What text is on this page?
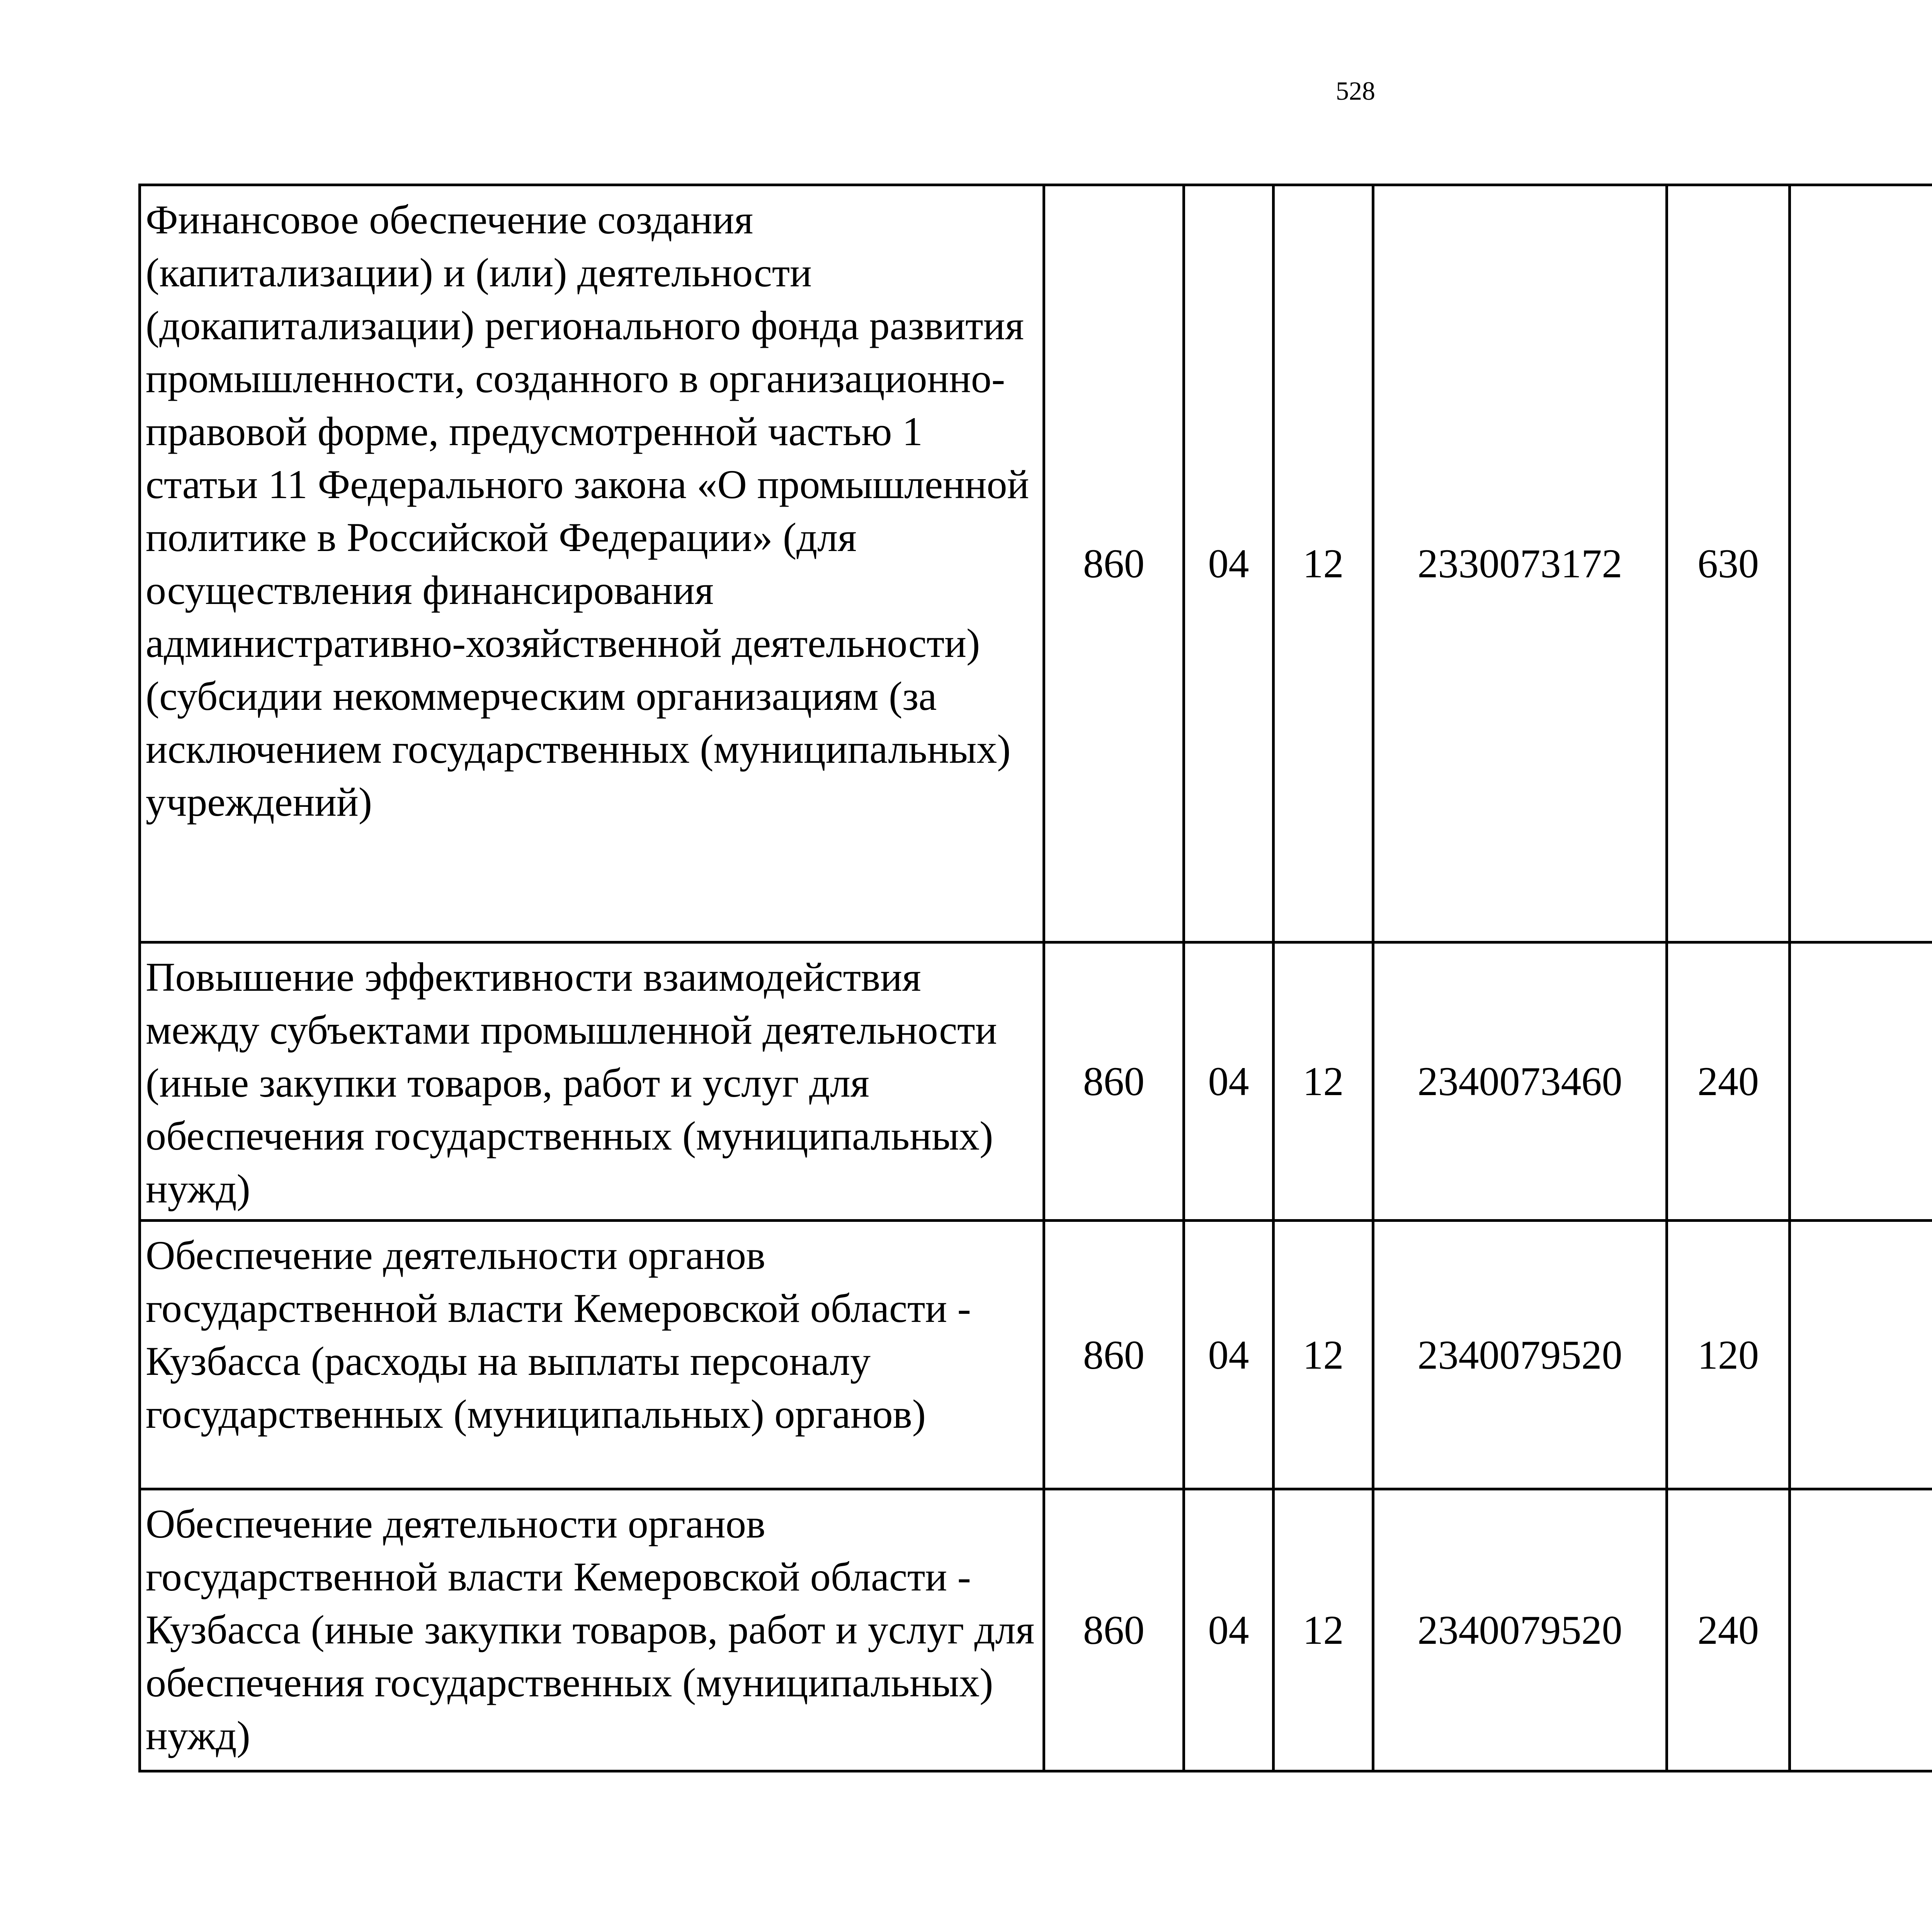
528
Финансовое обеспечение создания (капитализации) и (или) деятельности (докапитализации) регионального фонда развития промышленности, созданного в организационно-правовой форме, предусмотренной частью 1 статьи 11 Федерального закона «О промышленной политике в Российской Федерации» (для осуществления финансирования административно-хозяйственной деятельности) (субсидии некоммерческим организациям (за исключением государственных (муниципальных) учреждений)	860	04	12	2330073172	630			
Повышение эффективности взаимодействия между субъектами промышленной деятельности (иные закупки товаров, работ и услуг для обеспечения государственных (муниципальных) нужд)	860	04	12	2340073460	240			
Обеспечение деятельности органов государственной власти Кемеровской области - Кузбасса (расходы на выплаты персоналу государственных (муниципальных) органов)	860	04	12	2340079520	120			
Обеспечение деятельности органов государственной власти Кемеровской области - Кузбасса (иные закупки товаров, работ и услуг для обеспечения государственных (муниципальных) нужд)	860	04	12	2340079520	240			
